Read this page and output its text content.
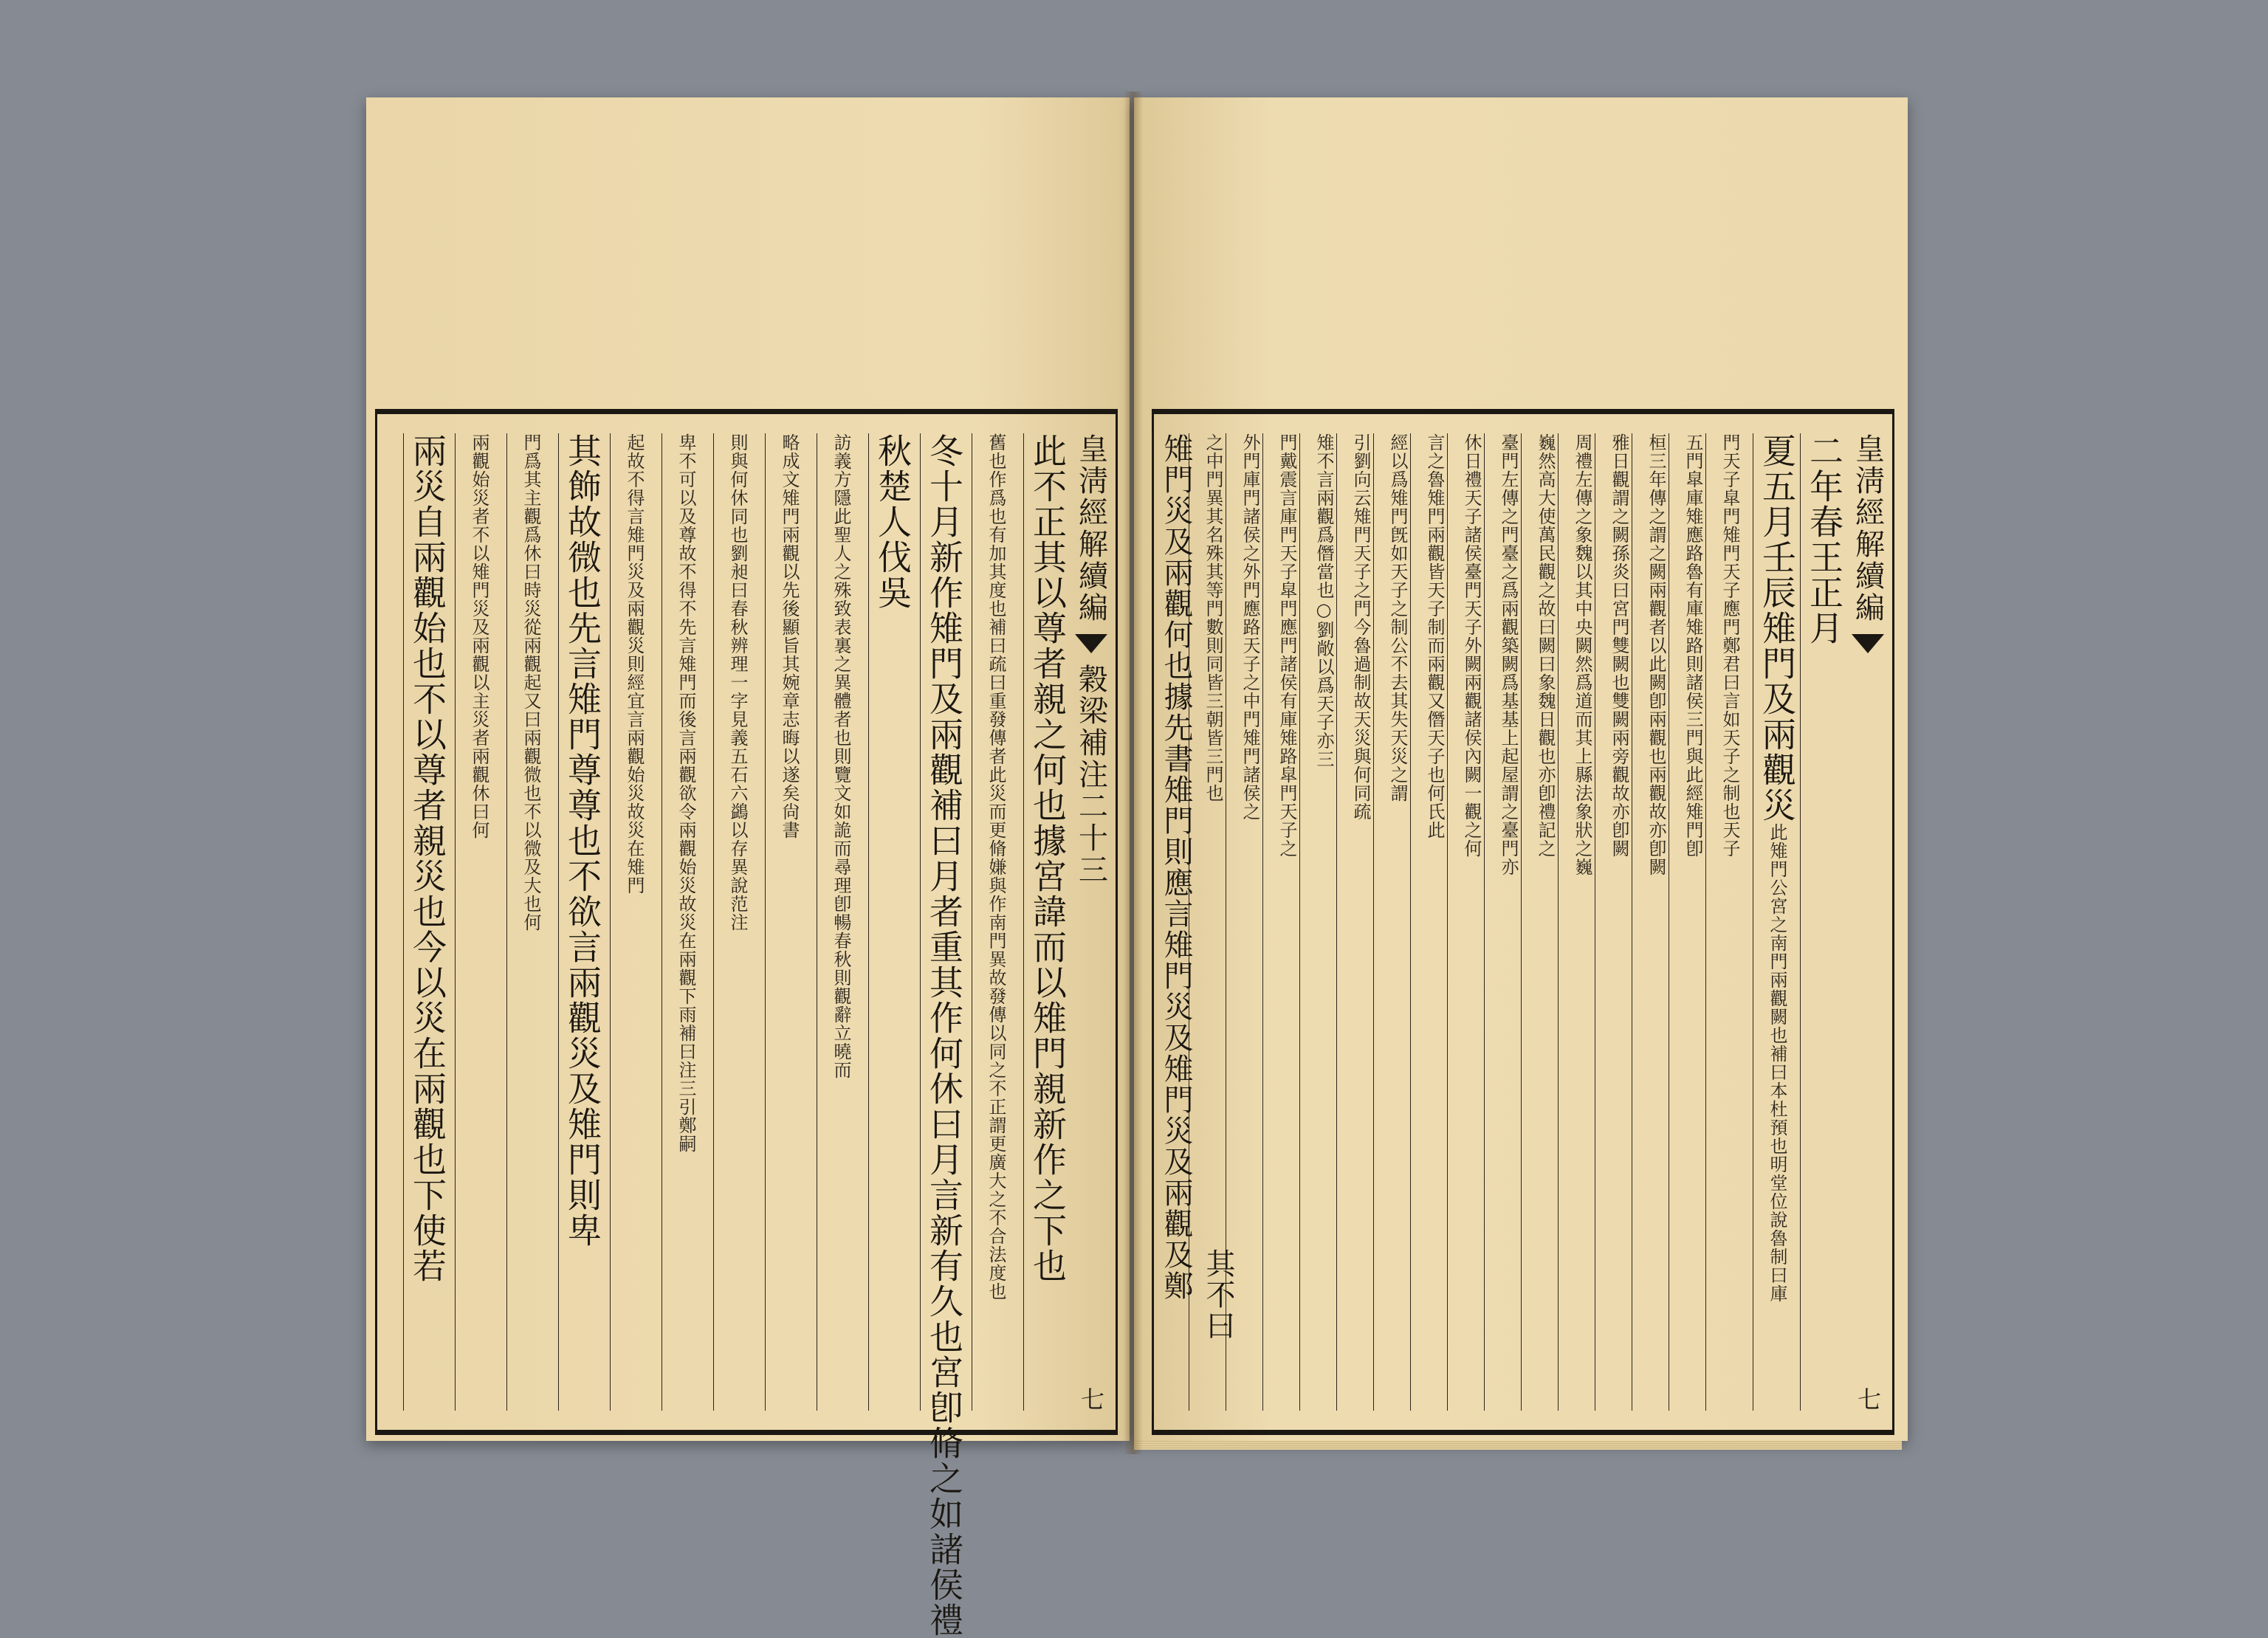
皇淸經解續編
穀梁補注二十三
七
此不正其以尊者親之何也據宮諱而以雉門親新作之下也
舊也作爲也有加其度也補曰疏曰重發傳者此災而更脩嫌與作南門異故發傳以同之不正謂更廣大之不合法度也
冬十月新作雉門及兩觀補曰月者重其作何休曰月言新有久也宮卽脩之如諸侯禮
秋楚人伐吳
訪義方隱此聖人之殊致表裏之異體者也則覽文如詭而尋理卽暢春秋則觀辭立曉而
略成文雉門兩觀以先後顯旨其婉章志晦以遂矣尙書
則與何休同也劉昶曰春秋辨理一字見義五石六鷁以存異說范注
卑不可以及尊故不得不先言雉門而後言兩觀欲令兩觀始災故災在兩觀下雨補曰注三引鄭嗣
起故不得言雉門災及兩觀災則經宜言兩觀始災故災在雉門
其飾故微也先言雉門尊尊也不欲言兩觀災及雉門則卑
門爲其主觀爲休曰時災從兩觀起又曰兩觀微也不以微及大也何
兩觀始災者不以雉門災及兩觀以主災者兩觀休曰何
兩災自兩觀始也不以尊者親災也今以災在兩觀也下使若	皇淸經解續編
七
二年春王正月
夏五月壬辰雉門及兩觀災
此雉門公宮之南門兩觀闕也補曰本杜預也明堂位說魯制曰庫
門天子皐門雉門天子應門鄭君曰言如天子之制也天子
五門皐庫雉應路魯有庫雉路則諸侯三門與此經雉門卽
桓三年傳之謂之闕兩觀者以此闕卽兩觀也兩觀故亦卽闕
雅日觀謂之闕孫炎曰宮門雙闕也雙闕兩旁觀故亦卽闕
周禮左傳之象魏以其中央闕然爲道而其上縣法象狀之巍
巍然高大使萬民觀之故曰闕曰象魏日觀也亦卽禮記之
臺門左傳之門臺之爲兩觀築闕爲基基上起屋謂之臺門亦
休日禮天子諸侯臺門天子外闕兩觀諸侯內闕一觀之何
言之魯雉門兩觀皆天子制而兩觀又僭天子也何氏此
經以爲雉門旣如天子之制公不去其失天災之謂
引劉向云雉門天子之門今魯過制故天災與何同疏
雉不言兩觀爲僭當也○劉敞以爲天子亦三
門戴震言庫門天子皐門應門諸侯有庫雉路皐門天子之
外門庫門諸侯之外門應路天子之中門雉門諸侯之
之中門異其名殊其等門數則同皆三朝皆三門也
雉門災及兩觀何也據先書雉門則應言雉門災及雉門災及兩觀及鄭 其不曰
